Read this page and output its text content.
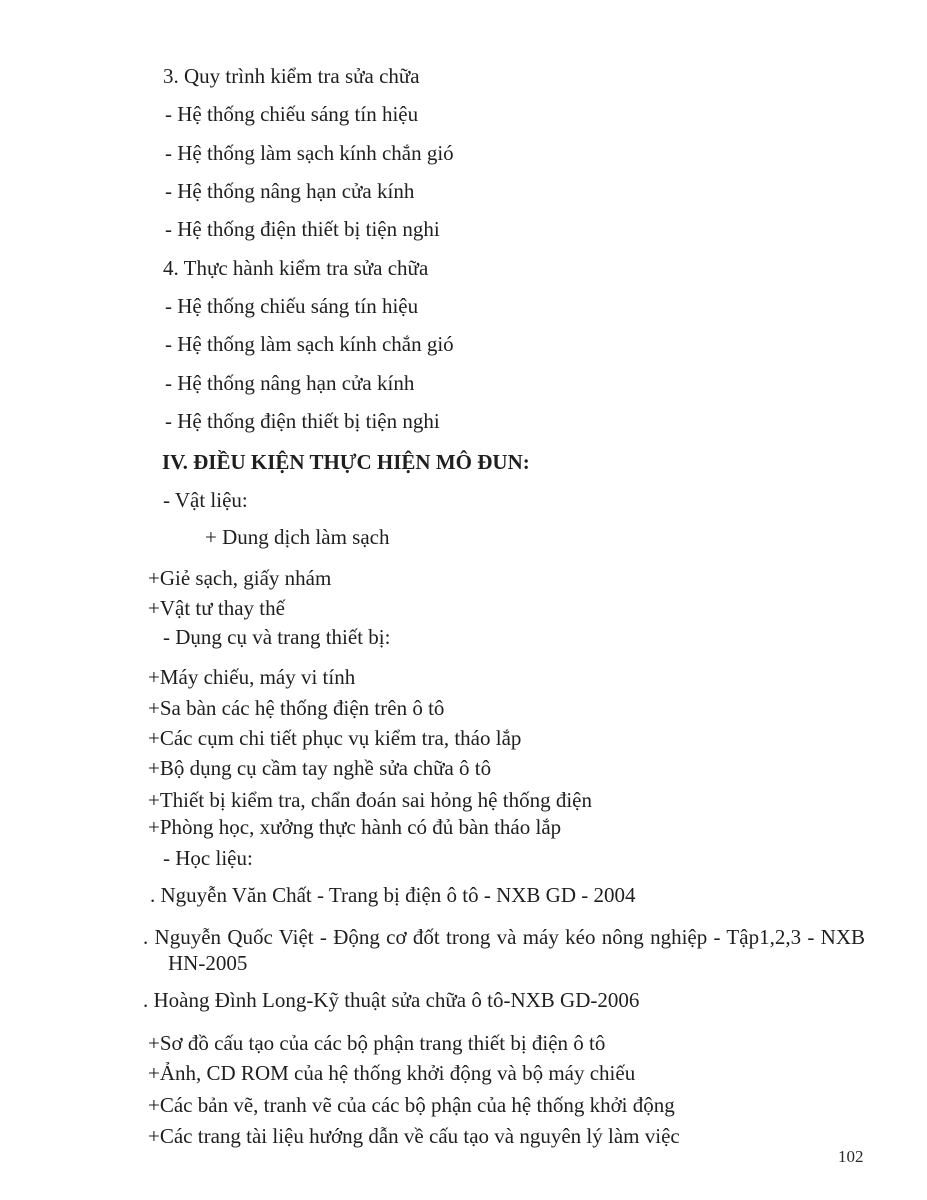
3. Quy trình kiểm tra sửa chữa
- Hệ thống chiếu sáng tín hiệu
- Hệ thống làm sạch kính chắn gió
- Hệ thống nâng hạn cửa kính
- Hệ thống điện thiết bị tiện nghi
4. Thực hành kiểm tra sửa chữa
- Hệ thống chiếu sáng tín hiệu
- Hệ thống làm sạch kính chắn gió
- Hệ thống nâng hạn cửa kính
- Hệ thống điện thiết bị tiện nghi
IV. ĐIỀU KIỆN THỰC HIỆN MÔ ĐUN:
- Vật liệu:
+ Dung dịch làm sạch
+Giẻ sạch, giấy nhám
+Vật tư thay thế
- Dụng cụ và trang thiết bị:
+Máy chiếu, máy vi tính
+Sa bàn các hệ thống điện trên ô tô
+Các cụm chi tiết phục vụ kiểm tra, tháo lắp
+Bộ dụng cụ cầm tay nghề sửa chữa ô tô
+Thiết bị kiểm tra, chẩn đoán sai hỏng hệ thống điện
+Phòng học, xưởng thực hành có đủ bàn tháo lắp
- Học liệu:
. Nguyễn Văn Chất - Trang bị điện ô tô - NXB GD - 2004
. Nguyễn Quốc Việt - Động cơ đốt trong và máy kéo nông nghiệp - Tập1,2,3 - NXB
HN-2005
. Hoàng Đình Long-Kỹ thuật sửa chữa ô tô-NXB GD-2006
+Sơ đồ cấu tạo của các bộ phận trang thiết bị điện ô tô
+Ảnh, CD ROM của hệ thống khởi động và bộ máy chiếu
+Các bản vẽ, tranh vẽ của các bộ phận của hệ thống khởi động
+Các trang tài liệu hướng dẫn về cấu tạo và nguyên lý làm việc
102
